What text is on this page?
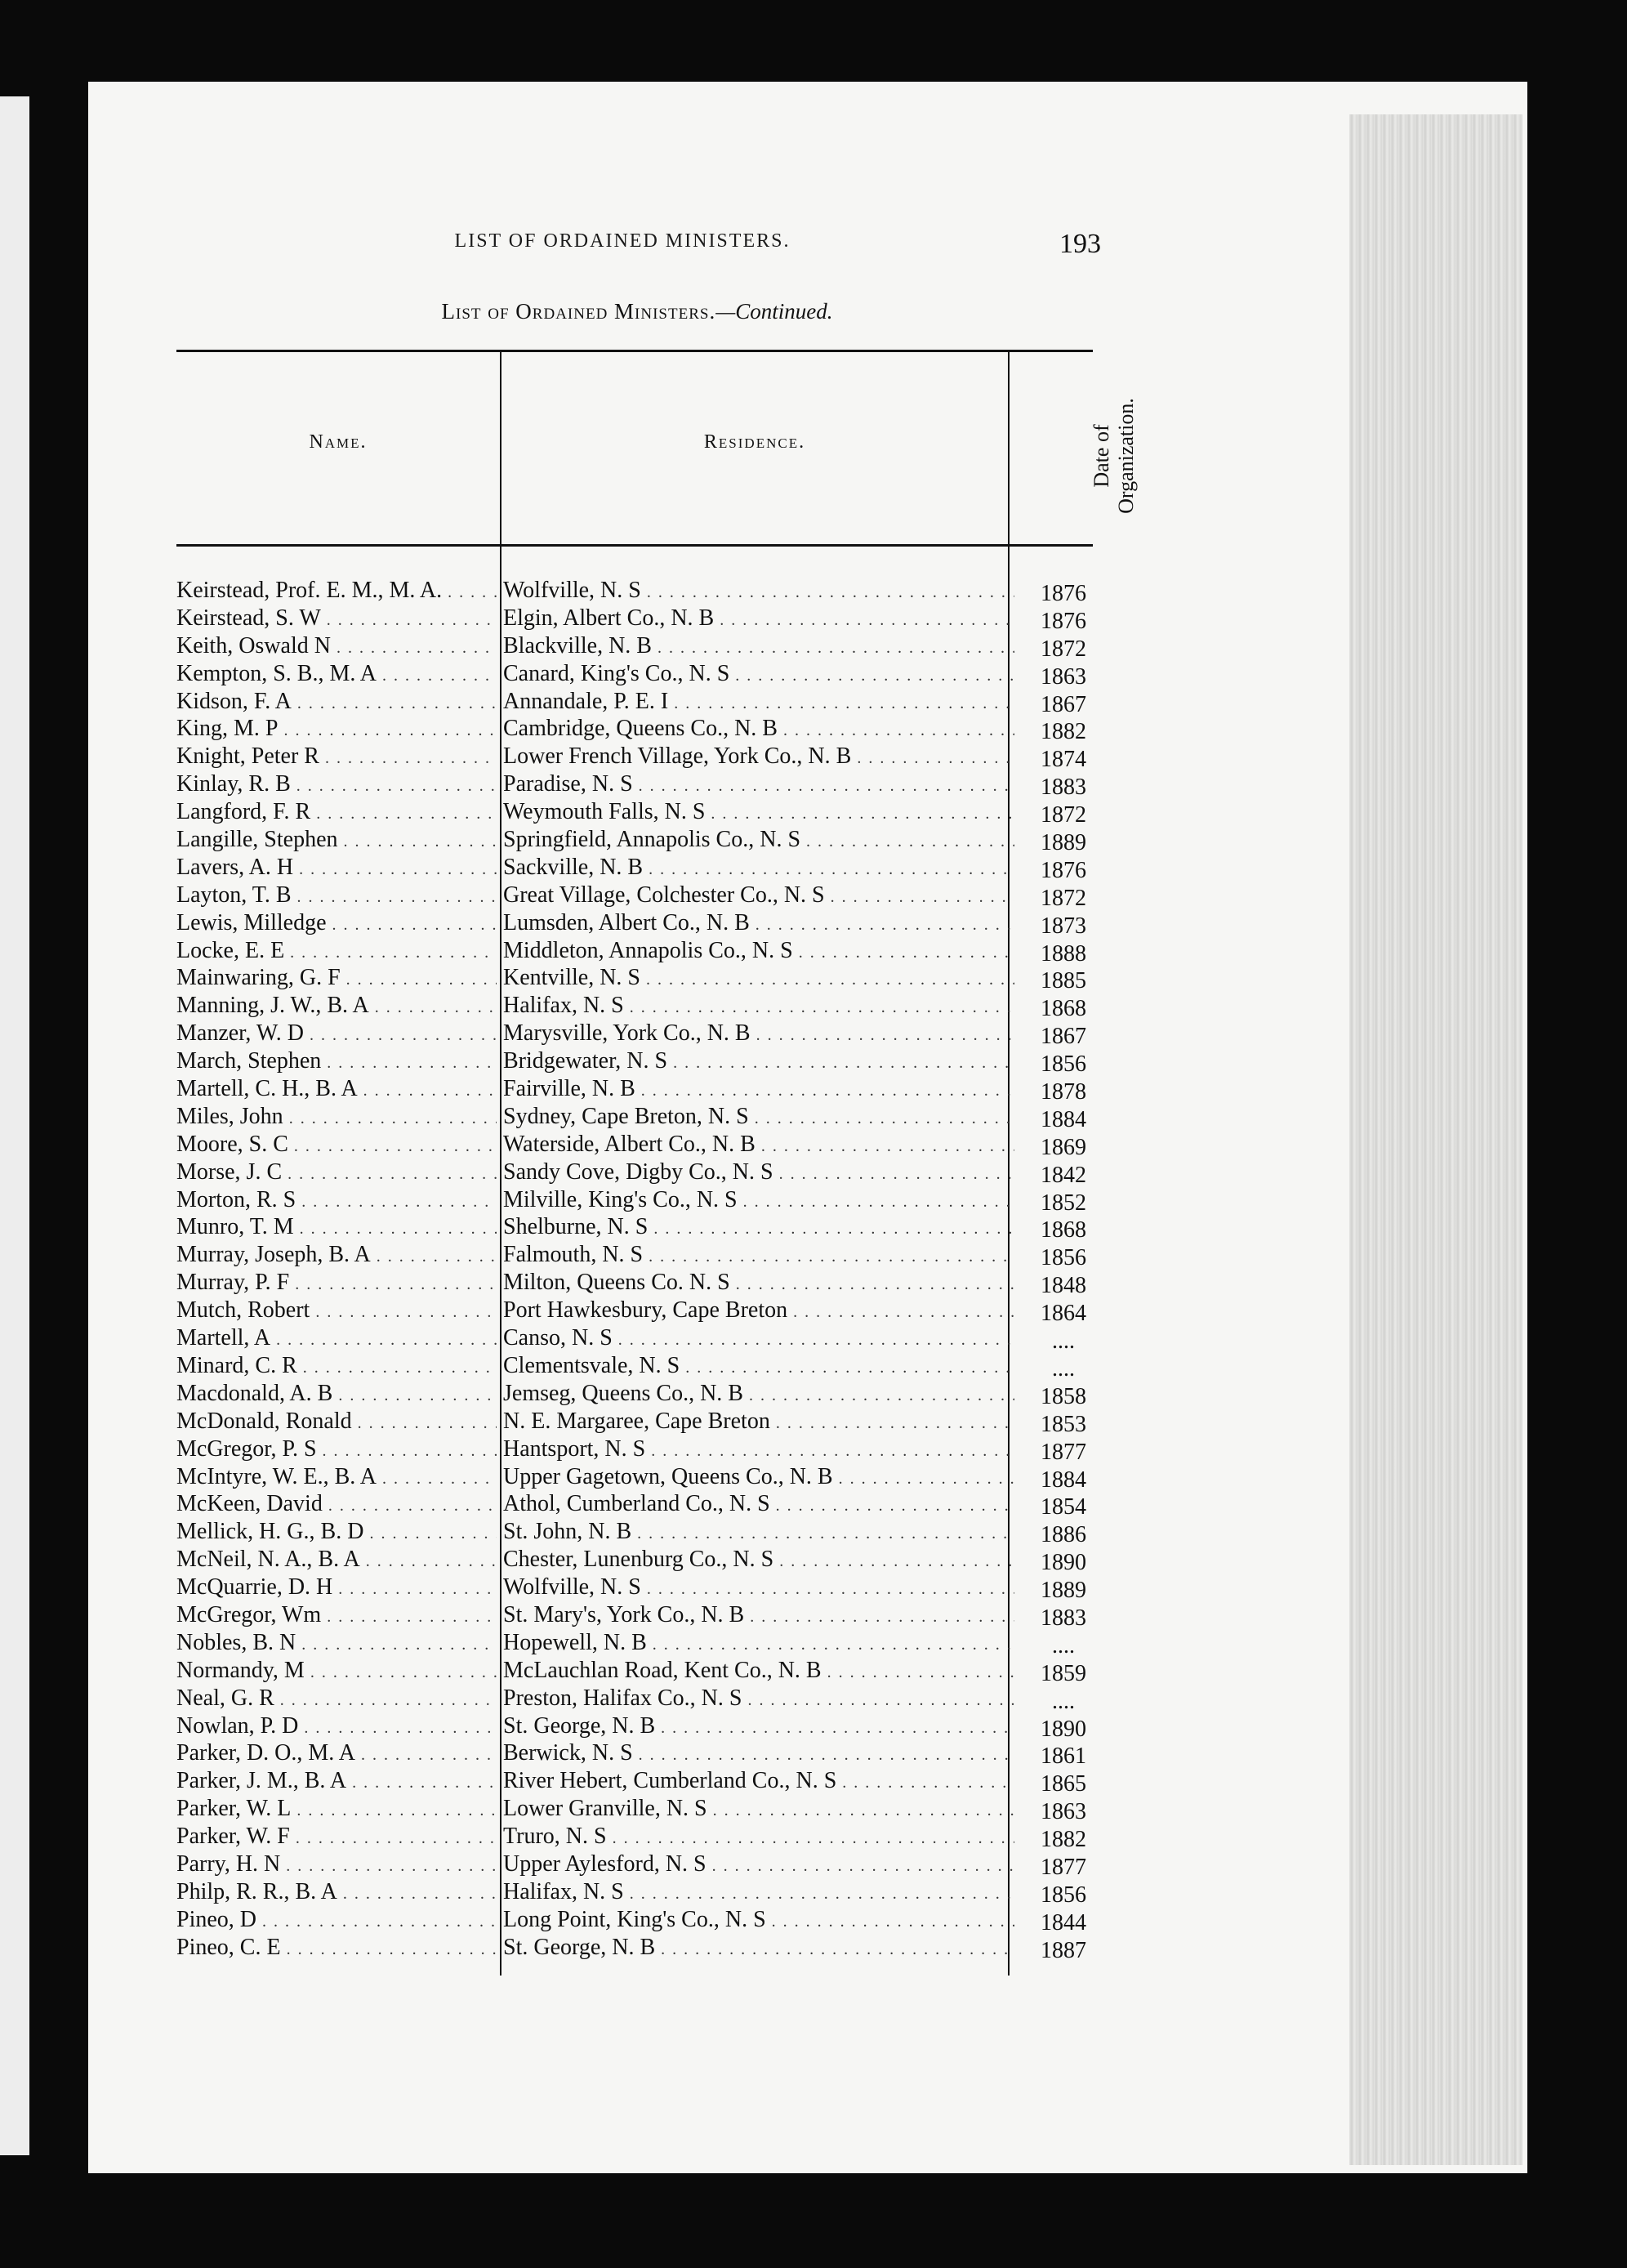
LIST OF ORDAINED MINISTERS.	193
List of Ordained Ministers.—Continued.
Name.	Residence.	Date of Organization.
Keirstead, Prof. E. M., M. A. . . .	Wolfville, N. S . . .	1876
Keirstead, S. W . . .	Elgin, Albert Co., N. B . . .	1876
Keith, Oswald N . . .	Blackville, N. B . . .	1872
Kempton, S. B., M. A . . .	Canard, King's Co., N. S . . .	1863
Kidson, F. A . . .	Annandale, P. E. I . . .	1867
King, M. P . . .	Cambridge, Queens Co., N. B . . .	1882
Knight, Peter R . . .	Lower French Village, York Co., N. B . . .	1874
Kinlay, R. B . . .	Paradise, N. S . . .	1883
Langford, F. R . . .	Weymouth Falls, N. S . . .	1872
Langille, Stephen . . .	Springfield, Annapolis Co., N. S . . .	1889
Lavers, A. H . . .	Sackville, N. B . . .	1876
Layton, T. B . . .	Great Village, Colchester Co., N. S . . .	1872
Lewis, Milledge . . .	Lumsden, Albert Co., N. B . . .	1873
Locke, E. E . . .	Middleton, Annapolis Co., N. S . . .	1888
Mainwaring, G. F . . .	Kentville, N. S . . .	1885
Manning, J. W., B. A . . .	Halifax, N. S . . .	1868
Manzer, W. D . . .	Marysville, York Co., N. B . . .	1867
March, Stephen . . .	Bridgewater, N. S . . .	1856
Martell, C. H., B. A . . .	Fairville, N. B . . .	1878
Miles, John . . .	Sydney, Cape Breton, N. S . . .	1884
Moore, S. C . . .	Waterside, Albert Co., N. B . . .	1869
Morse, J. C . . .	Sandy Cove, Digby Co., N. S . . .	1842
Morton, R. S . . .	Milville, King's Co., N. S . . .	1852
Munro, T. M . . .	Shelburne, N. S . . .	1868
Murray, Joseph, B. A . . .	Falmouth, N. S . . .	1856
Murray, P. F . . .	Milton, Queens Co. N. S . . .	1848
Mutch, Robert . . .	Port Hawkesbury, Cape Breton . . .	1864
Martell, A . . .	Canso, N. S . . .	....
Minard, C. R . . .	Clementsvale, N. S . . .	....
Macdonald, A. B . . .	Jemseg, Queens Co., N. B . . .	1858
McDonald, Ronald . . .	N. E. Margaree, Cape Breton . . .	1853
McGregor, P. S . . .	Hantsport, N. S . . .	1877
McIntyre, W. E., B. A . . .	Upper Gagetown, Queens Co., N. B . . .	1884
McKeen, David . . .	Athol, Cumberland Co., N. S . . .	1854
Mellick, H. G., B. D . . .	St. John, N. B . . .	1886
McNeil, N. A., B. A . . .	Chester, Lunenburg Co., N. S . . .	1890
McQuarrie, D. H . . .	Wolfville, N. S . . .	1889
McGregor, Wm . . .	St. Mary's, York Co., N. B . . .	1883
Nobles, B. N . . .	Hopewell, N. B . . .	....
Normandy, M . . .	McLauchlan Road, Kent Co., N. B . . .	1859
Neal, G. R . . .	Preston, Halifax Co., N. S . . .	....
Nowlan, P. D . . .	St. George, N. B . . .	1890
Parker, D. O., M. A . . .	Berwick, N. S . . .	1861
Parker, J. M., B. A . . .	River Hebert, Cumberland Co., N. S . . .	1865
Parker, W. L . . .	Lower Granville, N. S . . .	1863
Parker, W. F . . .	Truro, N. S . . .	1882
Parry, H. N . . .	Upper Aylesford, N. S . . .	1877
Philp, R. R., B. A . . .	Halifax, N. S . . .	1856
Pineo, D . . .	Long Point, King's Co., N. S . . .	1844
Pineo, C. E . . .	St. George, N. B . . .	1887
